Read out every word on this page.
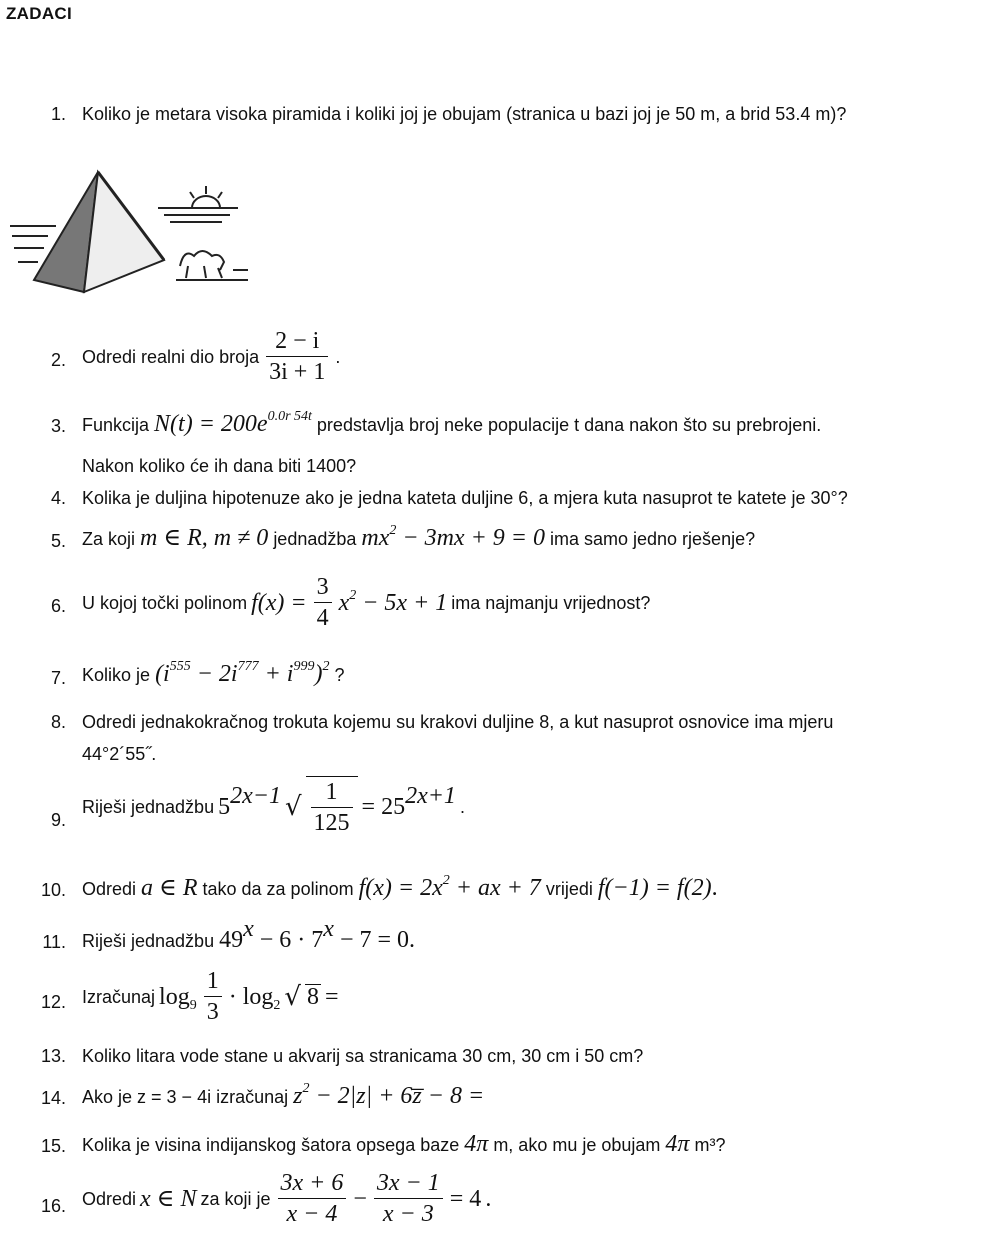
ZADACI
1. Koliko je metara visoka piramida i koliki joj je obujam (stranica u bazi joj je 50 m, a brid 53.4 m)?
2. Odredi realni dio broja $\frac{2 - i}{3i + 1}$ .
3. Funkcija $N(t) = 200e^{0.0r 54t}$ predstavlja broj neke populacije t dana nakon što su prebrojeni.
Nakon koliko će ih dana biti 1400?
4. Kolika je duljina hipotenuze ako je jedna kateta duljine 6, a mjera kuta nasuprot te katete je 30°?
5. Za koji m ∈ R, m ≠ 0 jednadžba $mx^2 - 3mx + 9 = 0$ ima samo jedno rješenje?
6. U kojoj točki polinom $f(x) = \frac{3}{4} x^2 - 5x + 1$ ima najmanju vrijednost?
7. Koliko je $(i^{555} - 2i^{777} + i^{999})^2$ ?
8. Odredi jednakokračnog trokuta kojemu su krakovi duljine 8, a kut nasuprot osnovice ima mjeru
44°2´55˝.
9.
Riješi jednadžbu $5^{2x-1}$ √ $\frac{1}{125} = 25^{2x+1}$ .
10. Odredi a ∈ R tako da za polinom $f(x) = 2x^2$ + ax + 7 vrijedi f(−1) = f(2).
11. Riješi jednadžbu $49^x - 6 \cdot 7^x - 7 = 0$.
12. Izračunaj $\log_9 \frac{1}{3} \cdot \log_2$ √ 8 =
13. Koliko litara vode stane u akvarij sa stranicama 30 cm, 30 cm i 50 cm?
14. Ako je z = 3 − 4i izračunaj $z^2 - 2|z|$ + 6z̅ − 8 =
15. Kolika je visina indijanskog šatora opsega baze 4π m, ako mu je obujam 4π m³?
16. Odredi x ∈ N za koji je $\frac{3x + 6}{x - 4} - \frac{3x - 1}{x - 3} = 4$ .
